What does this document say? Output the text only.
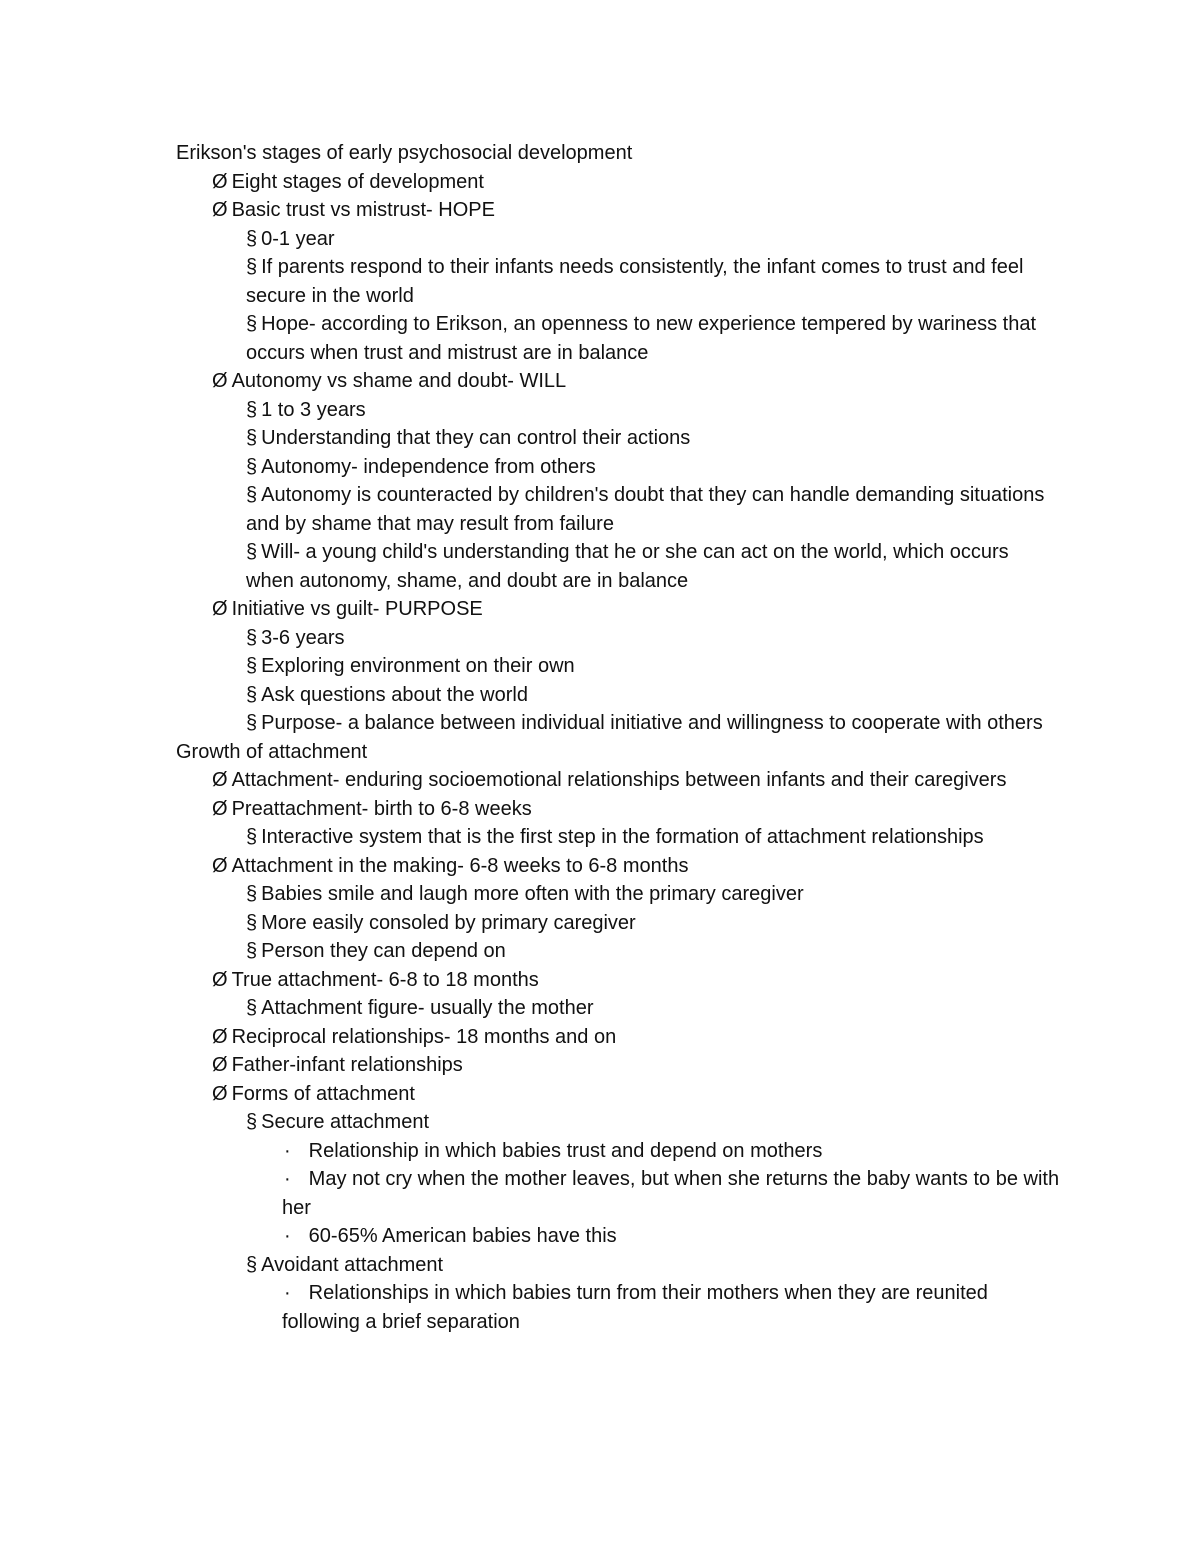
Erikson's stages of early psychosocial development
Ø Eight stages of development
Ø Basic trust vs mistrust- HOPE
§ 0-1 year
§ If parents respond to their infants needs consistently, the infant comes to trust and feel secure in the world
§ Hope- according to Erikson, an openness to new experience tempered by wariness that occurs when trust and mistrust are in balance
Ø Autonomy vs shame and doubt- WILL
§ 1 to 3 years
§ Understanding that they can control their actions
§ Autonomy- independence from others
§ Autonomy is counteracted by children's doubt that they can handle demanding situations and by shame that may result from failure
§ Will- a young child's understanding that he or she can act on the world, which occurs when autonomy, shame, and doubt are in balance
Ø Initiative vs guilt- PURPOSE
§ 3-6 years
§ Exploring environment on their own
§ Ask questions about the world
§ Purpose- a balance between individual initiative and willingness to cooperate with others
Growth of attachment
Ø Attachment- enduring socioemotional relationships between infants and their caregivers
Ø Preattachment- birth to 6-8 weeks
§ Interactive system that is the first step in the formation of attachment relationships
Ø Attachment in the making- 6-8 weeks to 6-8 months
§ Babies smile and laugh more often with the primary caregiver
§ More easily consoled by primary caregiver
§ Person they can depend on
Ø True attachment- 6-8 to 18 months
§ Attachment figure- usually the mother
Ø Reciprocal relationships- 18 months and on
Ø Father-infant relationships
Ø Forms of attachment
§ Secure attachment
· Relationship in which babies trust and depend on mothers
· May not cry when the mother leaves, but when she returns the baby wants to be with her
· 60-65% American babies have this
§ Avoidant attachment
· Relationships in which babies turn from their mothers when they are reunited following a brief separation
